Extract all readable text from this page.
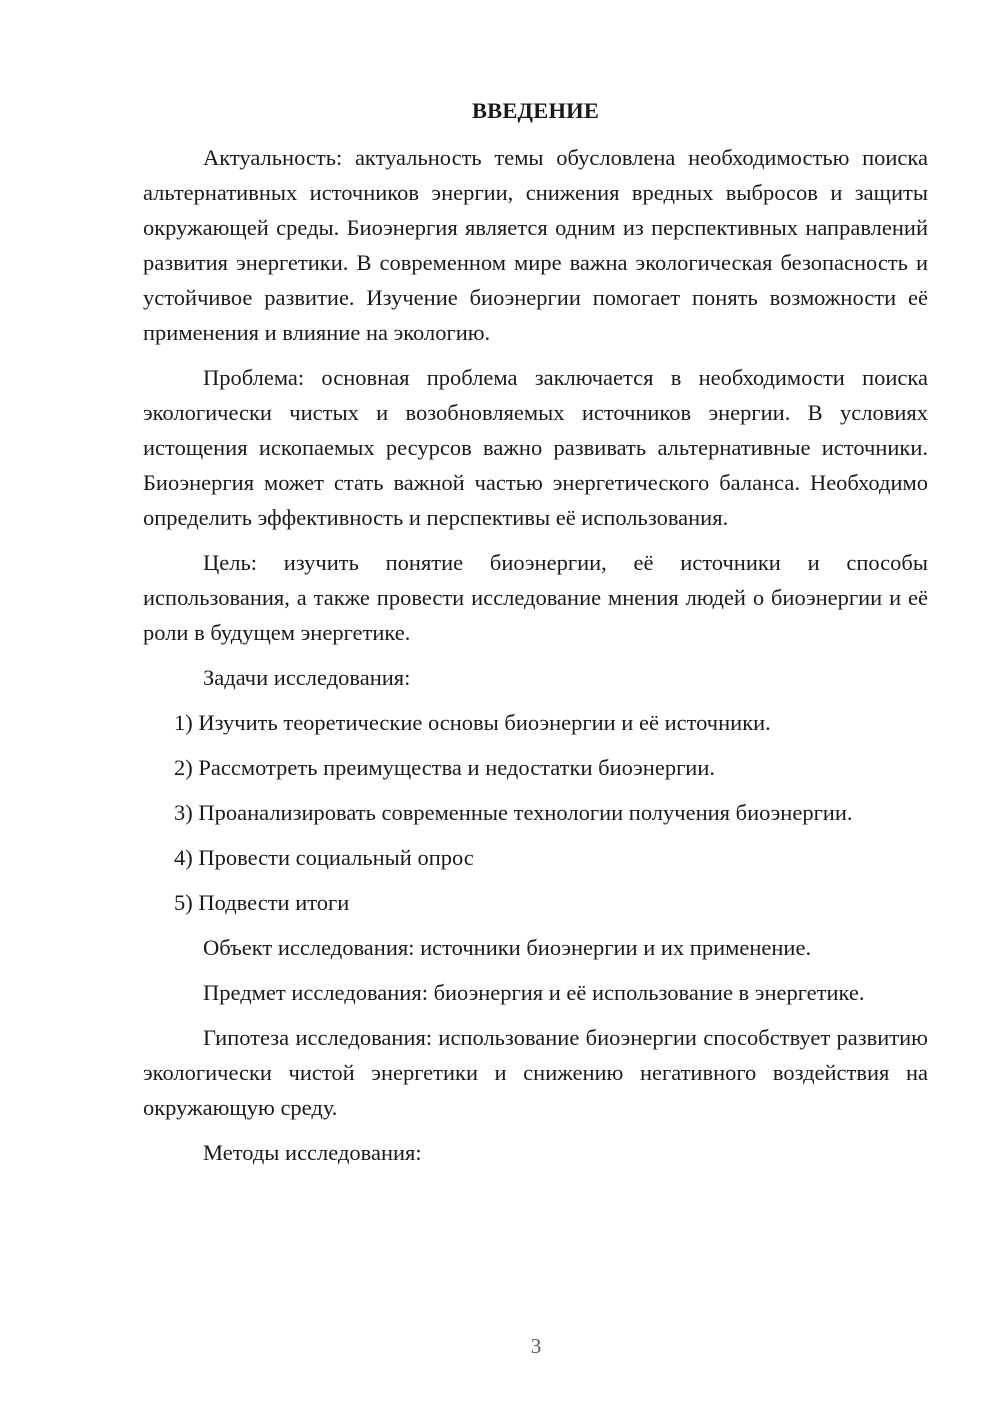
ВВЕДЕНИЕ

Актуальность: актуальность темы обусловлена необходимостью поиска альтернативных источников энергии, снижения вредных выбросов и защиты окружающей среды. Биоэнергия является одним из перспективных направлений развития энергетики. В современном мире важна экологическая безопасность и устойчивое развитие. Изучение биоэнергии помогает понять возможности её применения и влияние на экологию.

Проблема: основная проблема заключается в необходимости поиска экологически чистых и возобновляемых источников энергии. В условиях истощения ископаемых ресурсов важно развивать альтернативные источники. Биоэнергия может стать важной частью энергетического баланса. Необходимо определить эффективность и перспективы её использования.

Цель: изучить понятие биоэнергии, её источники и способы использования, а также провести исследование мнения людей о биоэнергии и её роли в будущем энергетике.

Задачи исследования:

1) Изучить теоретические основы биоэнергии и её источники.
2) Рассмотреть преимущества и недостатки биоэнергии.
3) Проанализировать современные технологии получения биоэнергии.
4) Провести социальный опрос
5) Подвести итоги

Объект исследования: источники биоэнергии и их применение.

Предмет исследования: биоэнергия и её использование в энергетике.

Гипотеза исследования: использование биоэнергии способствует развитию экологически чистой энергетики и снижению негативного воздействия на окружающую среду.

Методы исследования:

3
